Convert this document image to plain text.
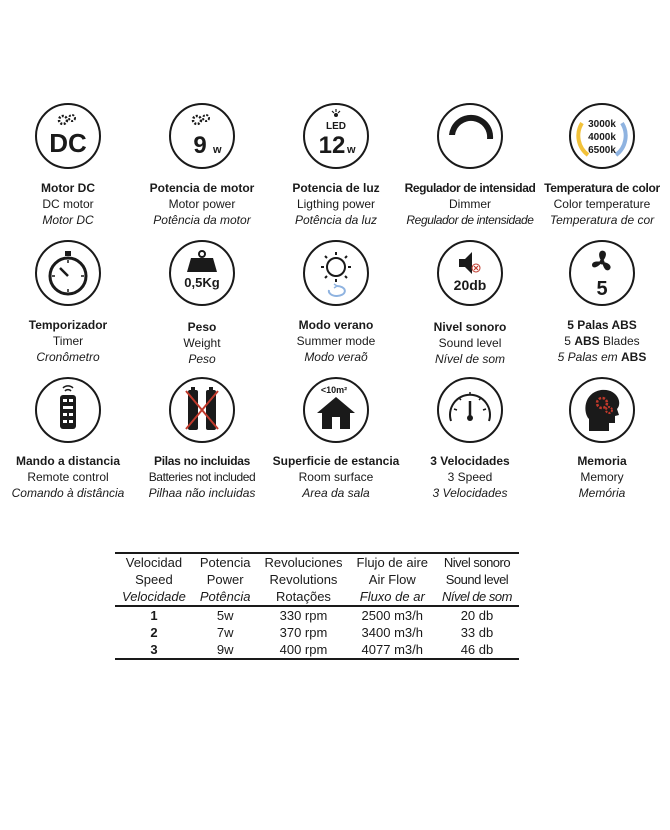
DC
Motor DC
DC motor
Motor DC
9 w
Potencia de motor
Motor power
Potência da motor
LED
12 w
Potencia de luz
Ligthing power
Potência da luz
Regulador de intensidad
Dimmer
Regulador de intensidade
3000k
4000k
6500k
Temperatura de color
Color temperature
Temperatura de cor
Temporizador
Timer
Cronômetro
0,5Kg
Peso
Weight
Peso
Modo verano
Summer mode
Modo veraõ
20db
Nivel sonoro
Sound level
Nível de som
5
5 Palas ABS
5 ABS Blades
5 Palas em ABS
Mando a distancia
Remote control
Comando à distância
Pilas no incluidas
Batteries not included
Pilhaa não incluidas
<10m²
Superficie de estancia
Room surface
Area da sala
3 Velocidades
3 Speed
3 Velocidades
Memoria
Memory
Memória
Velocidad	Potencia	Revoluciones	Flujo de aire	Nivel sonoro
Speed	Power	Revolutions	Air Flow	Sound level
Velocidade	Potência	Rotações	Fluxo de ar	Nível de som
1	5w	330 rpm	2500 m3/h	20 db
2	7w	370 rpm	3400 m3/h	33 db
3	9w	400 rpm	4077 m3/h	46 db
